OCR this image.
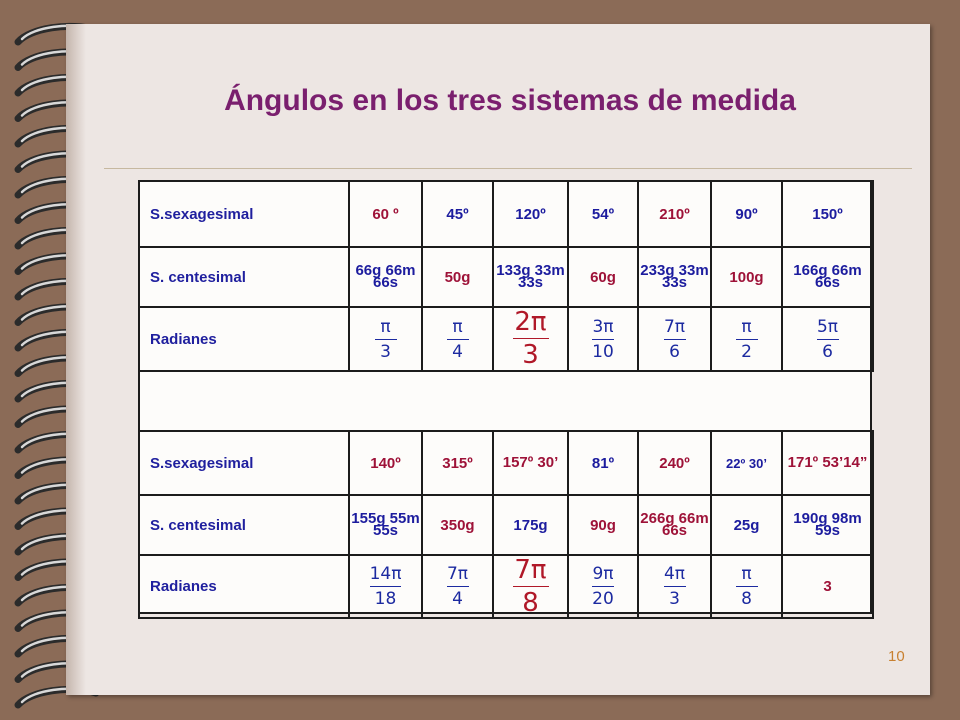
Ángulos en los tres sistemas de medida
S.sexagesimal	60 º	45º	120º	54º	210º	90º	150º
S. centesimal	66g 66m 66s	50g	133g 33m 33s	60g	233g 33m 33s	100g	166g 66m 66s
Radianes	$\frac{\pi}{3}$	$\frac{\pi}{4}$	$\frac{2\pi}{3}$	$\frac{3\pi}{10}$	$\frac{7\pi}{6}$	$\frac{\pi}{2}$	$\frac{5\pi}{6}$
S.sexagesimal	140º	315º	157º 30’	81º	240º	22º 30’	171º 53’14”
S. centesimal	155g 55m 55s	350g	175g	90g	266g 66m 66s	25g	190g 98m 59s
Radianes	$\frac{14\pi}{18}$	$\frac{7\pi}{4}$	$\frac{7\pi}{8}$	$\frac{9\pi}{20}$	$\frac{4\pi}{3}$	$\frac{\pi}{8}$	3
10
